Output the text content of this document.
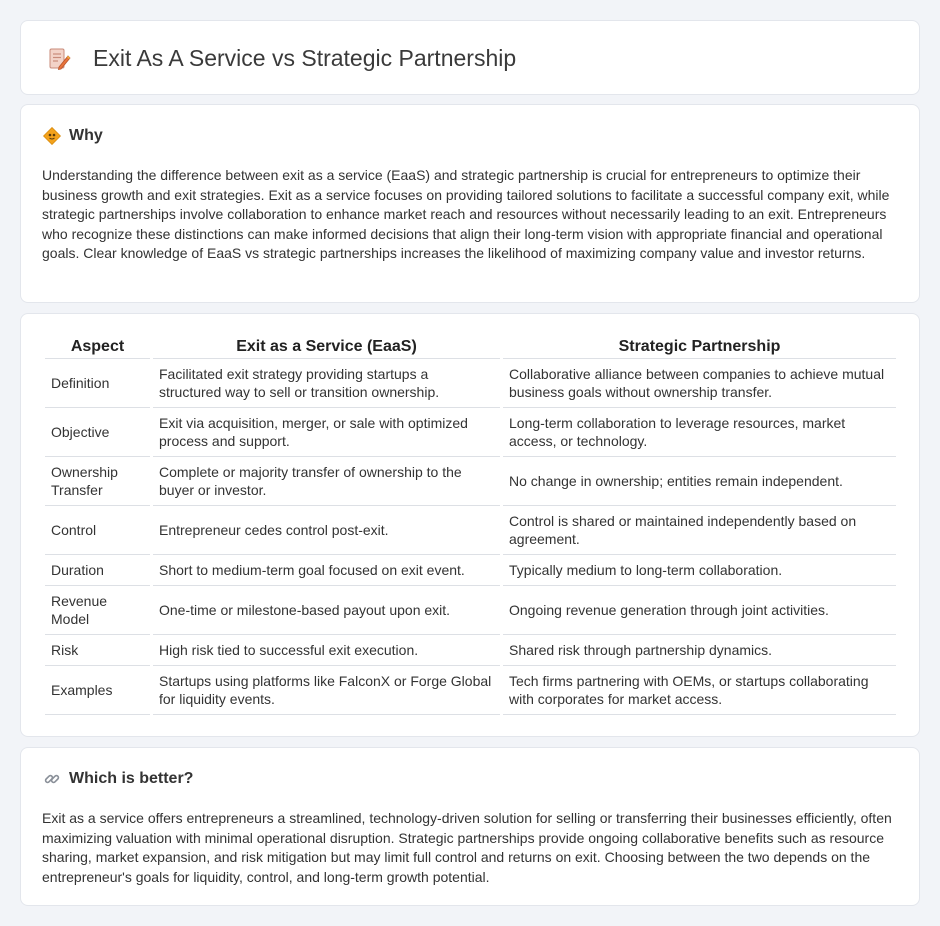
Exit As A Service vs Strategic Partnership
Why

Understanding the difference between exit as a service (EaaS) and strategic partnership is crucial for entrepreneurs to optimize their business growth and exit strategies. Exit as a service focuses on providing tailored solutions to facilitate a successful company exit, while strategic partnerships involve collaboration to enhance market reach and resources without necessarily leading to an exit. Entrepreneurs who recognize these distinctions can make informed decisions that align their long-term vision with appropriate financial and operational goals. Clear knowledge of EaaS vs strategic partnerships increases the likelihood of maximizing company value and investor returns.

Aspect	Exit as a Service (EaaS)	Strategic Partnership
Definition	Facilitated exit strategy providing startups a structured way to sell or transition ownership.	Collaborative alliance between companies to achieve mutual business goals without ownership transfer.
Objective	Exit via acquisition, merger, or sale with optimized process and support.	Long-term collaboration to leverage resources, market access, or technology.
Ownership Transfer	Complete or majority transfer of ownership to the buyer or investor.	No change in ownership; entities remain independent.
Control	Entrepreneur cedes control post-exit.	Control is shared or maintained independently based on agreement.
Duration	Short to medium-term goal focused on exit event.	Typically medium to long-term collaboration.
Revenue Model	One-time or milestone-based payout upon exit.	Ongoing revenue generation through joint activities.
Risk	High risk tied to successful exit execution.	Shared risk through partnership dynamics.
Examples	Startups using platforms like FalconX or Forge Global for liquidity events.	Tech firms partnering with OEMs, or startups collaborating with corporates for market access.
Which is better?

Exit as a service offers entrepreneurs a streamlined, technology-driven solution for selling or transferring their businesses efficiently, often maximizing valuation with minimal operational disruption. Strategic partnerships provide ongoing collaborative benefits such as resource sharing, market expansion, and risk mitigation but may limit full control and returns on exit. Choosing between the two depends on the entrepreneur's goals for liquidity, control, and long-term growth potential.
